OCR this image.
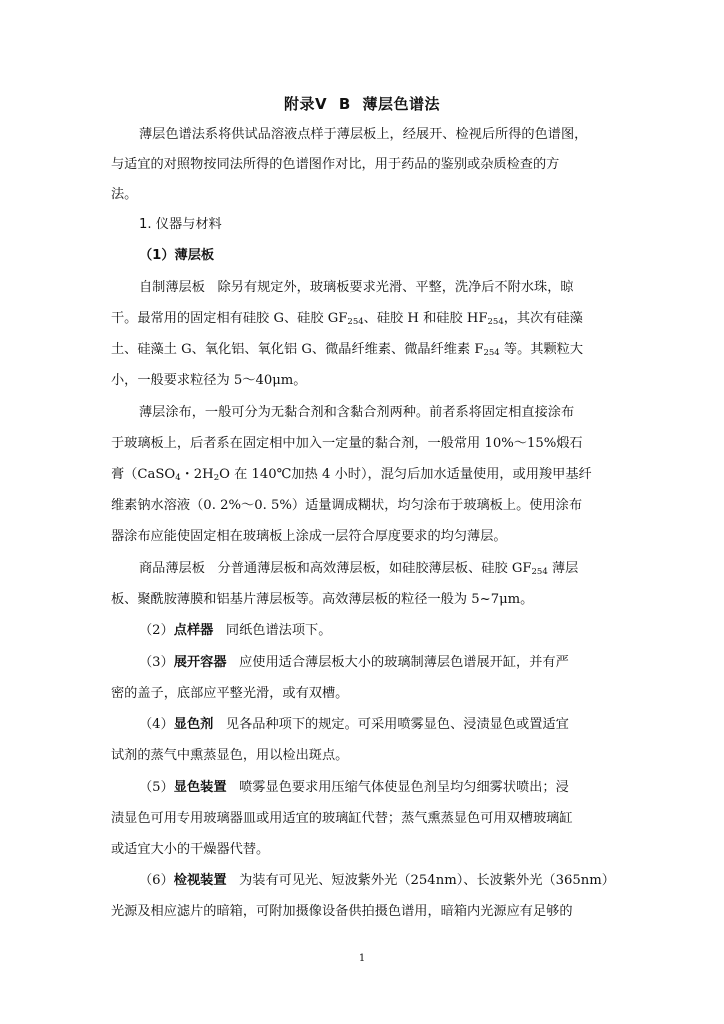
附录Ⅴ B 薄层色谱法
薄层色谱法系将供试品溶液点样于薄层板上，经展开、检视后所得的色谱图，
与适宜的对照物按同法所得的色谱图作对比，用于药品的鉴别或杂质检查的方
法。
1. 仪器与材料
（1）薄层板
自制薄层板 除另有规定外，玻璃板要求光滑、平整，洗净后不附水珠，晾
干。最常用的固定相有硅胶 G、硅胶 $GF_{254}$、硅胶 H 和硅胶 $HF_{254}$，其次有硅藻
土、硅藻土 G、氧化铝、氧化铝 G、微晶纤维素、微晶纤维素 $F_{254}$ 等。其颗粒大
小，一般要求粒径为 5～40μm。
薄层涂布，一般可分为无黏合剂和含黏合剂两种。前者系将固定相直接涂布
于玻璃板上，后者系在固定相中加入一定量的黏合剂，一般常用 10%～15%煅石
膏（CaSO$_4$・$2H_2O$ 在 140℃加热 4 小时），混匀后加水适量使用，或用羧甲基纤
维素钠水溶液（0. 2%～0. 5%）适量调成糊状，均匀涂布于玻璃板上。使用涂布
器涂布应能使固定相在玻璃板上涂成一层符合厚度要求的均匀薄层。
商品薄层板 分普通薄层板和高效薄层板，如硅胶薄层板、硅胶 $GF_{254}$ 薄层
板、聚酰胺薄膜和铝基片薄层板等。高效薄层板的粒径一般为 5~7μm。
（2）点样器 同纸色谱法项下。
（3）展开容器 应使用适合薄层板大小的玻璃制薄层色谱展开缸，并有严
密的盖子，底部应平整光滑，或有双槽。
（4）显色剂 见各品种项下的规定。可采用喷雾显色、浸渍显色或置适宜
试剂的蒸气中熏蒸显色，用以检出斑点。
（5）显色装置 喷雾显色要求用压缩气体使显色剂呈均匀细雾状喷出；浸
渍显色可用专用玻璃器皿或用适宜的玻璃缸代替；蒸气熏蒸显色可用双槽玻璃缸
或适宜大小的干燥器代替。
（6）检视装置 为装有可见光、短波紫外光（254nm）、长波紫外光（365nm）
光源及相应滤片的暗箱，可附加摄像设备供拍摄色谱用，暗箱内光源应有足够的
1
